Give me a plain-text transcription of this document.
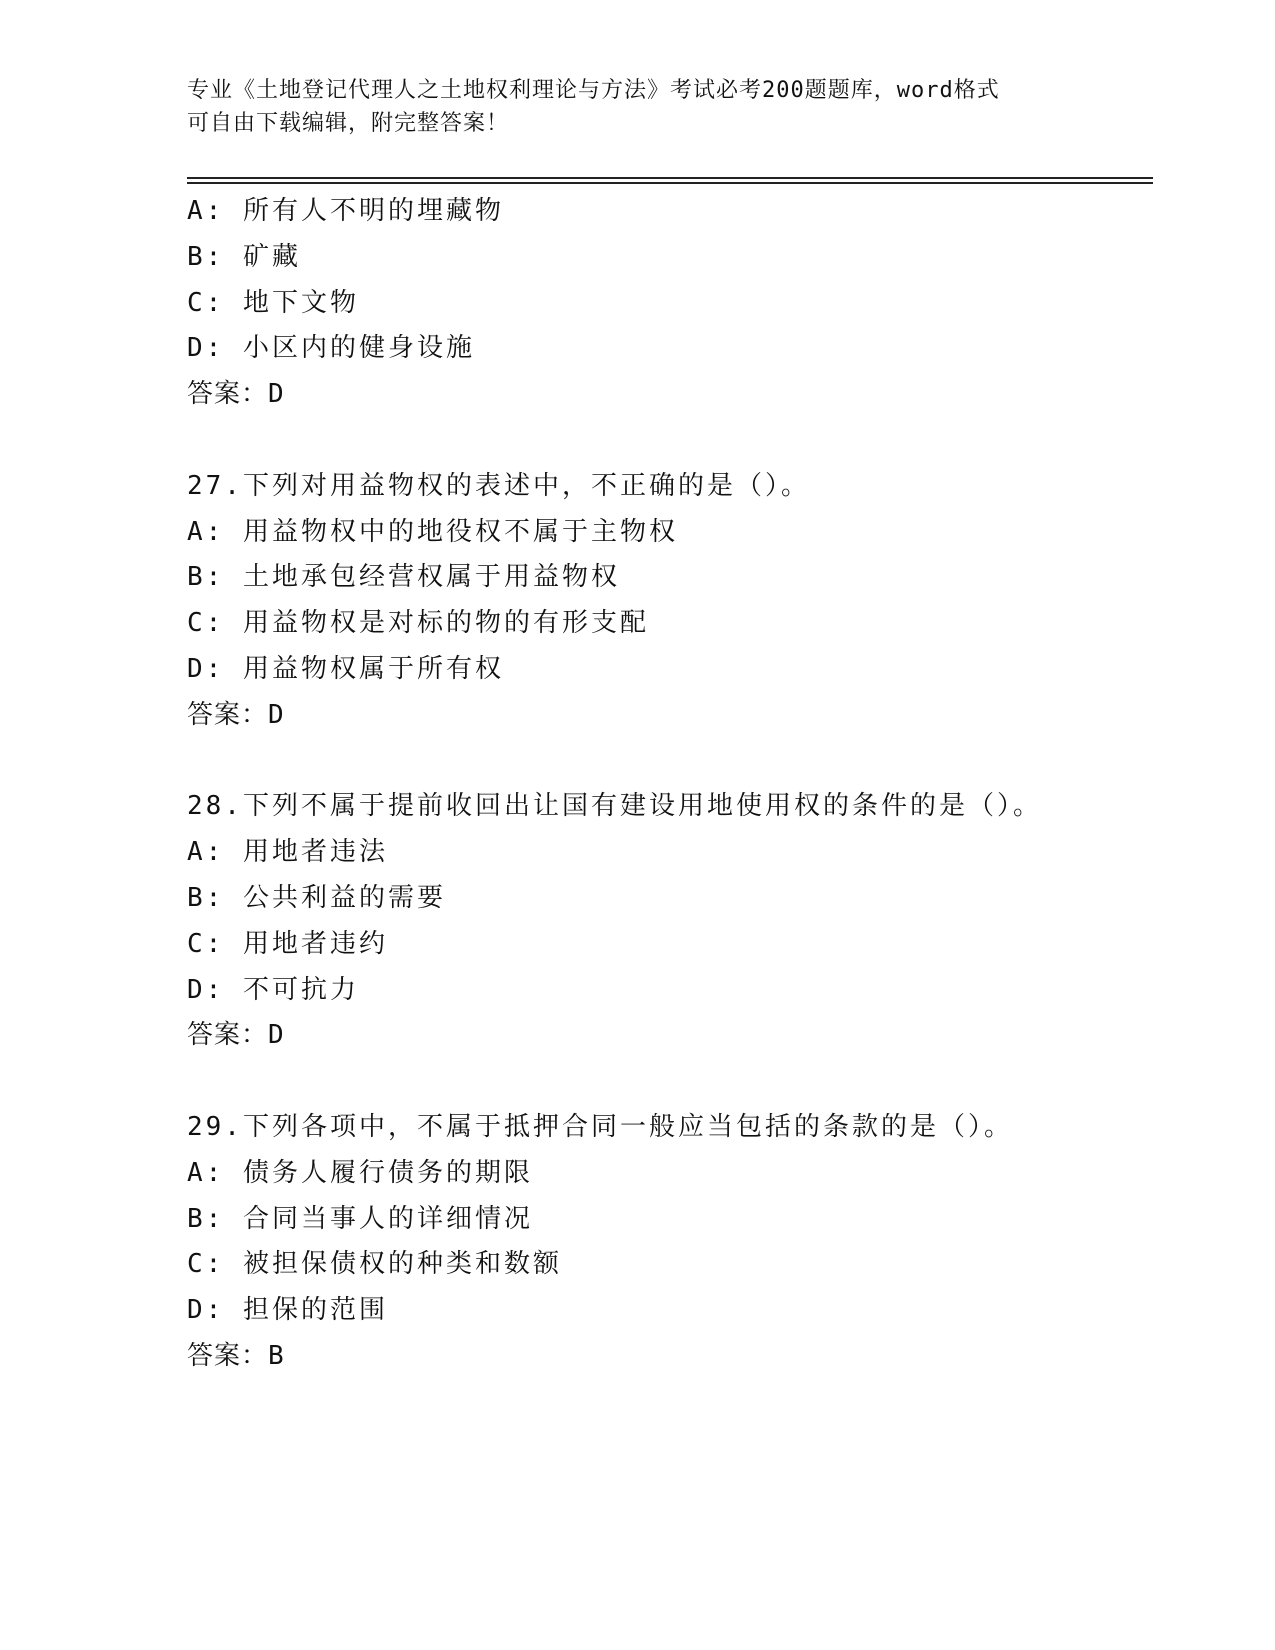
专业《土地登记代理人之土地权利理论与方法》考试必考200题题库，word格式
可自由下载编辑，附完整答案！
A: 所有人不明的埋藏物
B: 矿藏
C: 地下文物
D: 小区内的健身设施
答案：D
27.下列对用益物权的表述中，不正确的是（）。
A: 用益物权中的地役权不属于主物权
B: 土地承包经营权属于用益物权
C: 用益物权是对标的物的有形支配
D: 用益物权属于所有权
答案：D
28.下列不属于提前收回出让国有建设用地使用权的条件的是（）。
A: 用地者违法
B: 公共利益的需要
C: 用地者违约
D: 不可抗力
答案：D
29.下列各项中，不属于抵押合同一般应当包括的条款的是（）。
A: 债务人履行债务的期限
B: 合同当事人的详细情况
C: 被担保债权的种类和数额
D: 担保的范围
答案：B
